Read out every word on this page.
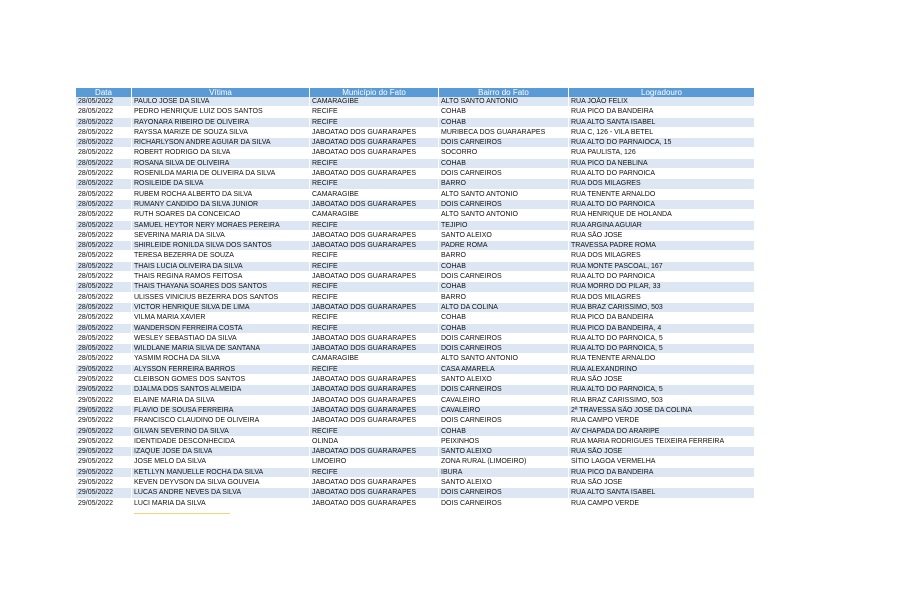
Data	Vítima	Município do Fato	Bairro do Fato	Logradouro
28/05/2022	PAULO JOSE DA SILVA	CAMARAGIBE	ALTO SANTO ANTONIO	RUA JOÃO FELIX
28/05/2022	PEDRO HENRIQUE LUIZ DOS SANTOS	RECIFE	COHAB	RUA PICO DA BANDEIRA
28/05/2022	RAYONARA RIBEIRO DE OLIVEIRA	RECIFE	COHAB	RUA ALTO SANTA ISABEL
28/05/2022	RAYSSA MARIZE DE SOUZA SILVA	JABOATAO DOS GUARARAPES	MURIBECA DOS GUARARAPES	RUA C, 126 - VILA BETEL
28/05/2022	RICHARLYSON ANDRE AGUIAR DA SILVA	JABOATAO DOS GUARARAPES	DOIS CARNEIROS	RUA ALTO DO PARNAIOCA, 15
28/05/2022	ROBERT RODRIGO DA SILVA	JABOATAO DOS GUARARAPES	SOCORRO	RUA PAULISTA, 126
28/05/2022	ROSANA SILVA DE OLIVEIRA	RECIFE	COHAB	RUA PICO DA NEBLINA
28/05/2022	ROSENILDA MARIA DE OLIVEIRA DA SILVA	JABOATAO DOS GUARARAPES	DOIS CARNEIROS	RUA ALTO DO PARNOICA
28/05/2022	ROSILEIDE DA SILVA	RECIFE	BARRO	RUA DOS MILAGRES
28/05/2022	RUBEM ROCHA ALBERTO DA SILVA	CAMARAGIBE	ALTO SANTO ANTONIO	RUA TENENTE ARNALDO
28/05/2022	RUMANY CANDIDO DA SILVA JUNIOR	JABOATAO DOS GUARARAPES	DOIS CARNEIROS	RUA ALTO DO PARNOICA
28/05/2022	RUTH SOARES DA CONCEICAO	CAMARAGIBE	ALTO SANTO ANTONIO	RUA HENRIQUE DE HOLANDA
28/05/2022	SAMUEL HEYTOR NERY MORAES PEREIRA	RECIFE	TEJIPIO	RUA ARGINA AGUIAR
28/05/2022	SEVERINA MARIA DA SILVA	JABOATAO DOS GUARARAPES	SANTO ALEIXO	RUA SÃO JOSE
28/05/2022	SHIRLEIDE RONILDA SILVA DOS SANTOS	JABOATAO DOS GUARARAPES	PADRE ROMA	TRAVESSA PADRE ROMA
28/05/2022	TERESA BEZERRA DE SOUZA	RECIFE	BARRO	RUA DOS MILAGRES
28/05/2022	THAIS LUCIA OLIVEIRA DA SILVA	RECIFE	COHAB	RUA MONTE PASCOAL, 167
28/05/2022	THAIS REGINA RAMOS FEITOSA	JABOATAO DOS GUARARAPES	DOIS CARNEIROS	RUA ALTO DO PARNOICA
28/05/2022	THAIS THAYANA SOARES DOS SANTOS	RECIFE	COHAB	RUA MORRO DO PILAR, 33
28/05/2022	ULISSES VINICIUS BEZERRA DOS SANTOS	RECIFE	BARRO	RUA DOS MILAGRES
28/05/2022	VICTOR HENRIQUE SILVA DE LIMA	JABOATAO DOS GUARARAPES	ALTO DA COLINA	RUA BRAZ CARISSIMO, 503
28/05/2022	VILMA MARIA XAVIER	RECIFE	COHAB	RUA PICO DA BANDEIRA
28/05/2022	WANDERSON FERREIRA COSTA	RECIFE	COHAB	RUA PICO DA BANDEIRA, 4
28/05/2022	WESLEY SEBASTIAO DA SILVA	JABOATAO DOS GUARARAPES	DOIS CARNEIROS	RUA ALTO DO PARNOICA, 5
28/05/2022	WILDLANE MARIA SILVA DE SANTANA	JABOATAO DOS GUARARAPES	DOIS CARNEIROS	RUA ALTO DO PARNOICA, 5
28/05/2022	YASMIM ROCHA DA SILVA	CAMARAGIBE	ALTO SANTO ANTONIO	RUA TENENTE ARNALDO
29/05/2022	ALYSSON FERREIRA BARROS	RECIFE	CASA AMARELA	RUA ALEXANDRINO
29/05/2022	CLEIBSON GOMES DOS SANTOS	JABOATAO DOS GUARARAPES	SANTO ALEIXO	RUA SÃO JOSE
29/05/2022	DJALMA DOS SANTOS ALMEIDA	JABOATAO DOS GUARARAPES	DOIS CARNEIROS	RUA ALTO DO PARNOICA, 5
29/05/2022	ELAINE MARIA DA SILVA	JABOATAO DOS GUARARAPES	CAVALEIRO	RUA BRAZ CARISSIMO, 503
29/05/2022	FLAVIO DE SOUSA FERREIRA	JABOATAO DOS GUARARAPES	CAVALEIRO	2ª TRAVESSA SÃO JOSÉ DA COLINA
29/05/2022	FRANCISCO CLAUDINO DE OLIVEIRA	JABOATAO DOS GUARARAPES	DOIS CARNEIROS	RUA CAMPO VERDE
29/05/2022	GILVAN SEVERINO DA SILVA	RECIFE	COHAB	AV CHAPADA DO ARARIPE
29/05/2022	IDENTIDADE DESCONHECIDA	OLINDA	PEIXINHOS	RUA MARIA RODRIGUES TEIXEIRA FERREIRA
29/05/2022	IZAQUE JOSE DA SILVA	JABOATAO DOS GUARARAPES	SANTO ALEIXO	RUA SÃO JOSE
29/05/2022	JOSE MELO DA SILVA	LIMOEIRO	ZONA RURAL (LIMOEIRO)	SÍTIO LAGOA VERMELHA
29/05/2022	KETLLYN MANUELLE ROCHA DA SILVA	RECIFE	IBURA	RUA PICO DA BANDEIRA
29/05/2022	KEVEN DEYVSON DA SILVA GOUVEIA	JABOATAO DOS GUARARAPES	SANTO ALEIXO	RUA SÃO JOSE
29/05/2022	LUCAS ANDRE NEVES DA SILVA	JABOATAO DOS GUARARAPES	DOIS CARNEIROS	RUA ALTO SANTA ISABEL
29/05/2022	LUCI MARIA DA SILVA	JABOATAO DOS GUARARAPES	DOIS CARNEIROS	RUA CAMPO VERDE
